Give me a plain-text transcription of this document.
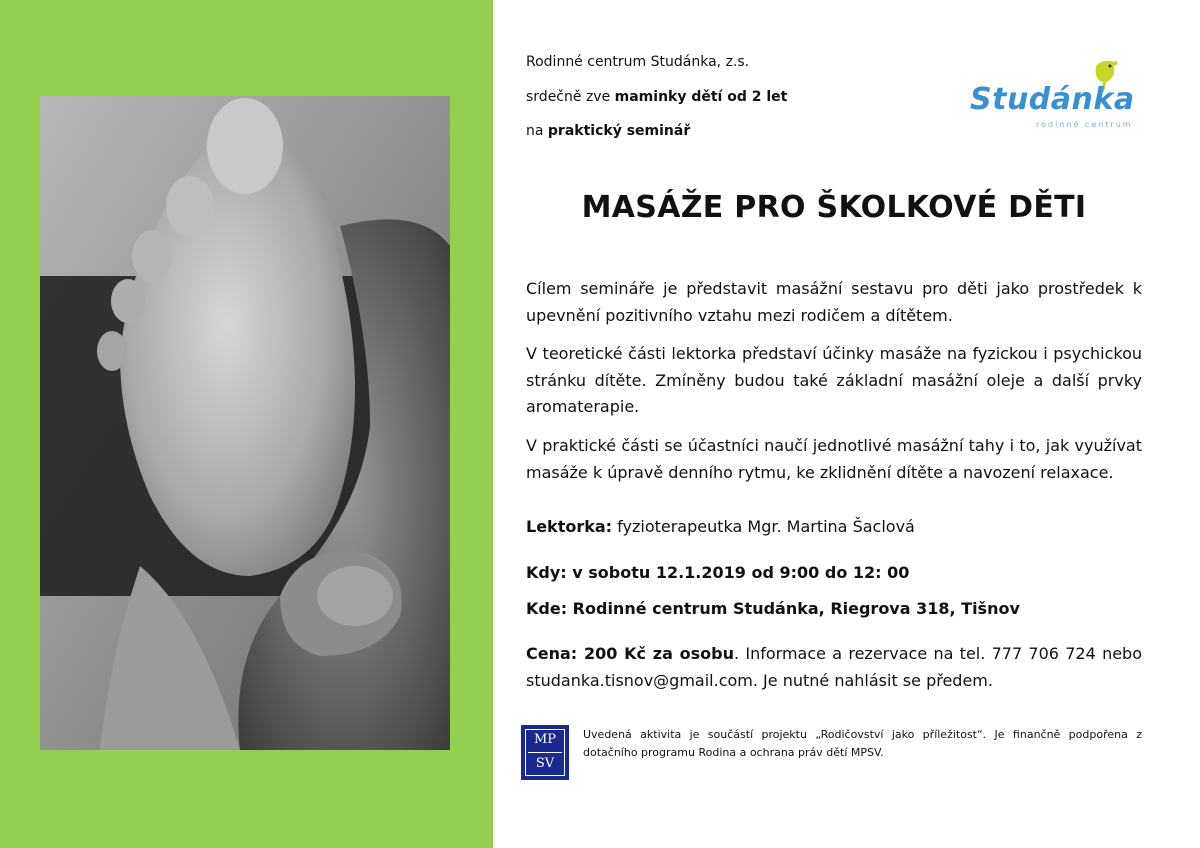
Rodinné centrum Studánka, z.s.
srdečně zve maminky dětí od 2 let
na praktický seminář
Studánka
rodinné centrum
MASÁŽE PRO ŠKOLKOVÉ DĚTI
Cílem semináře je představit masážní sestavu pro děti jako prostředek k upevnění pozitivního vztahu mezi rodičem a dítětem.
V teoretické části lektorka představí účinky masáže na fyzickou i psychickou stránku dítěte. Zmíněny budou také základní masážní oleje a další prvky aromaterapie.
V praktické části se účastníci naučí jednotlivé masážní tahy i to, jak využívat masáže k úpravě denního rytmu, ke zklidnění dítěte a navození relaxace.
Lektorka: fyzioterapeutka Mgr. Martina Šaclová
Kdy: v sobotu 12.1.2019 od 9:00 do 12: 00
Kde: Rodinné centrum Studánka, Riegrova 318, Tišnov
Cena: 200 Kč za osobu. Informace a rezervace na tel. 777 706 724 nebo studanka.tisnov@gmail.com. Je nutné nahlásit se předem.
MP
SV
Uvedená aktivita je součástí projektu „Rodičovství jako příležitost“. Je finančně podpořena z dotačního programu Rodina a ochrana práv dětí MPSV.
